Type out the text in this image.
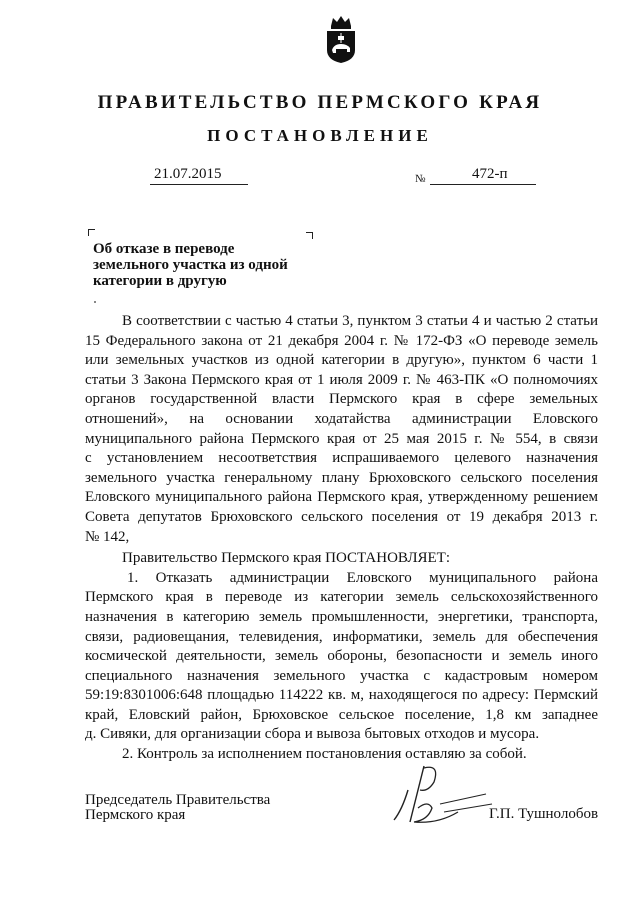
ПРАВИТЕЛЬСТВО ПЕРМСКОГО КРАЯ
ПОСТАНОВЛЕНИЕ
21.07.2015	№	472-п
Об отказе в переводе
земельного участка из одной
категории в другую
В соответствии с частью 4 статьи 3, пунктом 3 статьи 4 и частью 2 статьи
15 Федерального закона от 21 декабря 2004 г. № 172-ФЗ «О переводе земель
или земельных участков из одной категории в другую», пунктом 6 части 1
статьи 3 Закона Пермского края от 1 июля 2009 г. № 463-ПК «О полномочиях
органов государственной власти Пермского края в сфере земельных
отношений», на основании ходатайства администрации Еловского
муниципального района Пермского края от 25 мая 2015 г. № 554, в связи
с установлением несоответствия испрашиваемого целевого назначения
земельного участка генеральному плану Брюховского сельского поселения
Еловского муниципального района Пермского края, утвержденному решением
Совета депутатов Брюховского сельского поселения от 19 декабря 2013 г.
№ 142,
Правительство Пермского края ПОСТАНОВЛЯЕТ:
1. Отказать администрации Еловского муниципального района
Пермского края в переводе из категории земель сельскохозяйственного
назначения в категорию земель промышленности, энергетики, транспорта,
связи, радиовещания, телевидения, информатики, земель для обеспечения
космической деятельности, земель обороны, безопасности и земель иного
специального назначения земельного участка с кадастровым номером
59:19:8301006:648 площадью 114222 кв. м, находящегося по адресу: Пермский
край, Еловский район, Брюховское сельское поселение, 1,8 км западнее
д. Сивяки, для организации сбора и вывоза бытовых отходов и мусора.
2. Контроль за исполнением постановления оставляю за собой.
Председатель Правительства
Пермского края	Г.П. Тушнолобов
